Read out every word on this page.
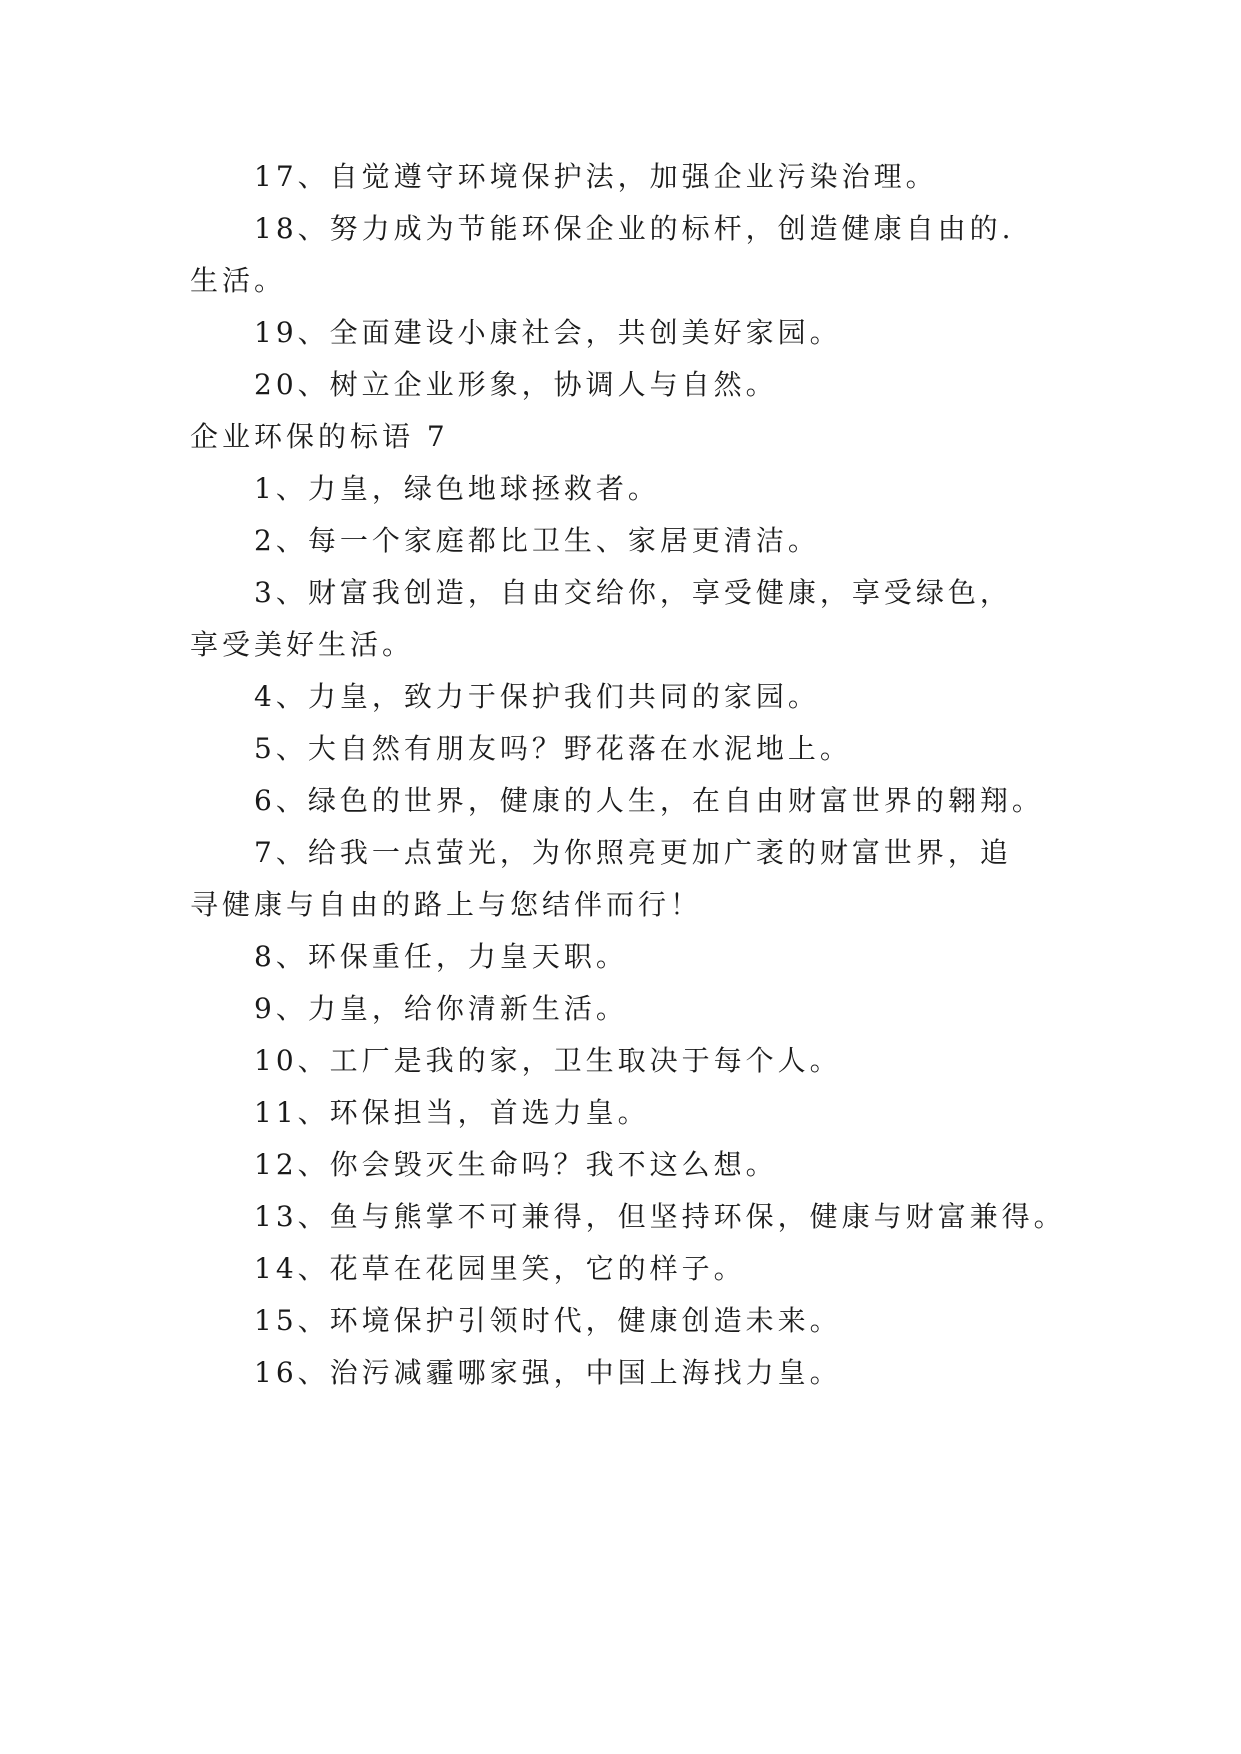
17、自觉遵守环境保护法，加强企业污染治理。
18、努力成为节能环保企业的标杆，创造健康自由的.
生活。
19、全面建设小康社会，共创美好家园。
20、树立企业形象，协调人与自然。
企业环保的标语 7
1、力皇，绿色地球拯救者。
2、每一个家庭都比卫生、家居更清洁。
3、财富我创造，自由交给你，享受健康，享受绿色，
享受美好生活。
4、力皇，致力于保护我们共同的家园。
5、大自然有朋友吗？野花落在水泥地上。
6、绿色的世界，健康的人生，在自由财富世界的翱翔。
7、给我一点萤光，为你照亮更加广袤的财富世界，追
寻健康与自由的路上与您结伴而行！
8、环保重任，力皇天职。
9、力皇，给你清新生活。
10、工厂是我的家，卫生取决于每个人。
11、环保担当，首选力皇。
12、你会毁灭生命吗？我不这么想。
13、鱼与熊掌不可兼得，但坚持环保，健康与财富兼得。
14、花草在花园里笑，它的样子。
15、环境保护引领时代，健康创造未来。
16、治污减霾哪家强，中国上海找力皇。
